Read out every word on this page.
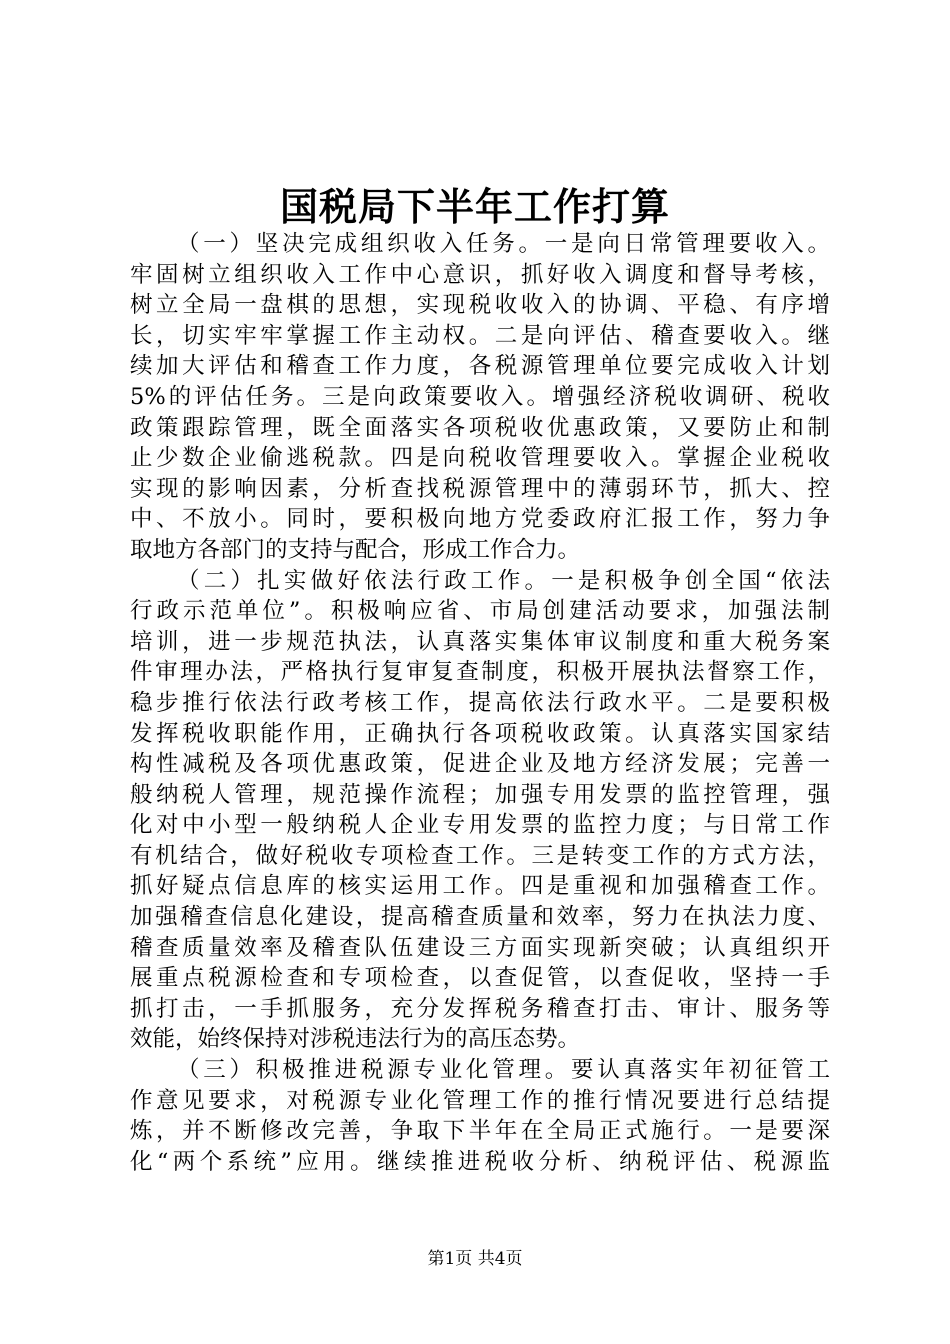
国税局下半年工作打算
（一）坚决完成组织收入任务。一是向日常管理要收入。
牢固树立组织收入工作中心意识，抓好收入调度和督导考核，
树立全局一盘棋的思想，实现税收收入的协调、平稳、有序增
长，切实牢牢掌握工作主动权。二是向评估、稽查要收入。继
续加大评估和稽查工作力度，各税源管理单位要完成收入计划
5%的评估任务。三是向政策要收入。增强经济税收调研、税收
政策跟踪管理，既全面落实各项税收优惠政策，又要防止和制
止少数企业偷逃税款。四是向税收管理要收入。掌握企业税收
实现的影响因素，分析查找税源管理中的薄弱环节，抓大、控
中、不放小。同时，要积极向地方党委政府汇报工作，努力争
取地方各部门的支持与配合，形成工作合力。
（二）扎实做好依法行政工作。一是积极争创全国“依法
行政示范单位”。积极响应省、市局创建活动要求，加强法制
培训，进一步规范执法，认真落实集体审议制度和重大税务案
件审理办法，严格执行复审复查制度，积极开展执法督察工作，
稳步推行依法行政考核工作，提高依法行政水平。二是要积极
发挥税收职能作用，正确执行各项税收政策。认真落实国家结
构性减税及各项优惠政策，促进企业及地方经济发展；完善一
般纳税人管理，规范操作流程；加强专用发票的监控管理，强
化对中小型一般纳税人企业专用发票的监控力度；与日常工作
有机结合，做好税收专项检查工作。三是转变工作的方式方法，
抓好疑点信息库的核实运用工作。四是重视和加强稽查工作。
加强稽查信息化建设，提高稽查质量和效率，努力在执法力度、
稽查质量效率及稽查队伍建设三方面实现新突破；认真组织开
展重点税源检查和专项检查，以查促管，以查促收，坚持一手
抓打击，一手抓服务，充分发挥税务稽查打击、审计、服务等
效能，始终保持对涉税违法行为的高压态势。
（三）积极推进税源专业化管理。要认真落实年初征管工
作意见要求，对税源专业化管理工作的推行情况要进行总结提
炼，并不断修改完善，争取下半年在全局正式施行。一是要深
化“两个系统”应用。继续推进税收分析、纳税评估、税源监
第1页 共4页
